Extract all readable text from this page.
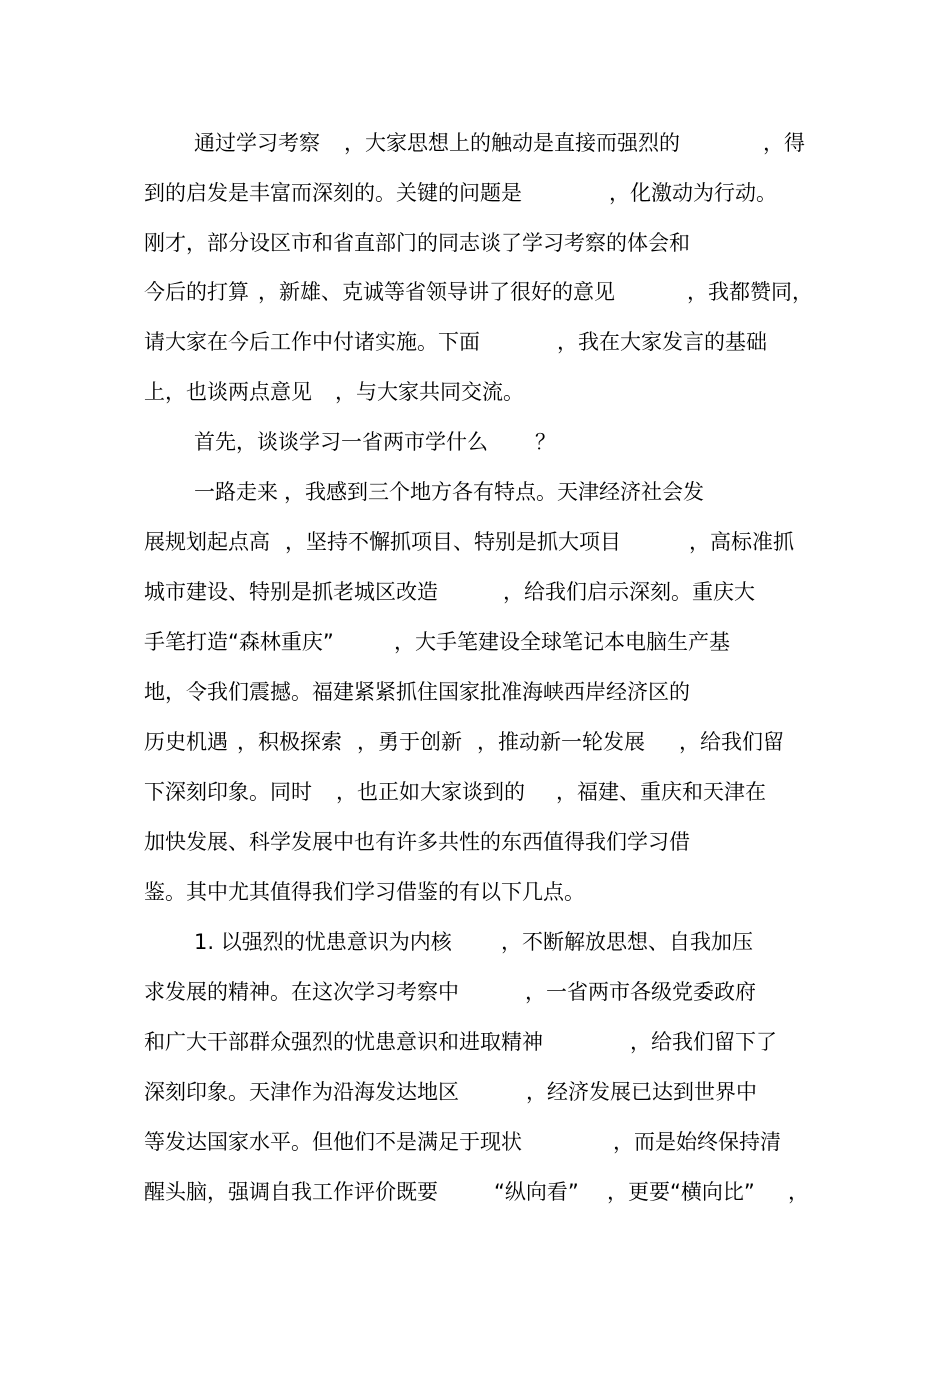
通过学习考察

，大家思想上的触动是直接而强烈的

	，得

到的启发是丰富而深刻的。关键的问题是

	，化激动为行动。

刚才，部分设区市和省直部门的同志谈了学习考察的体会和

今后的打算

，新雄、克诚等省领导讲了很好的意见

	，我都赞同，

请大家在今后工作中付诸实施。下面

	，我在大家发言的基础

上，也谈两点意见

，与大家共同交流。

首先，谈谈学习一省两市学什么

？

一路走来

，我感到三个地方各有特点。天津经济社会发

展规划起点高

，坚持不懈抓项目、特别是抓大项目

	，高标准抓

城市建设、特别是抓老城区改造

	，给我们启示深刻。重庆大

手笔打造“森林重庆”

	，大手笔建设全球笔记本电脑生产基

地，令我们震撼。福建紧紧抓住国家批准海峡西岸经济区的

历史机遇

，积极探索

，勇于创新

，推动新一轮发展

，给我们留

下深刻印象。同时

，也正如大家谈到的

，福建、重庆和天津在

加快发展、科学发展中也有许多共性的东西值得我们学习借

鉴。其中尤其值得我们学习借鉴的有以下几点。

1. 以强烈的忧患意识为内核

，不断解放思想、自我加压

求发展的精神。在这次学习考察中

	，一省两市各级党委政府

和广大干部群众强烈的忧患意识和进取精神

	，给我们留下了

深刻印象。天津作为沿海发达地区

	，经济发展已达到世界中

等发达国家水平。但他们不是满足于现状

	，而是始终保持清

醒头脑，强调自我工作评价既要

	“纵向看”

，更要“横向比”

，
